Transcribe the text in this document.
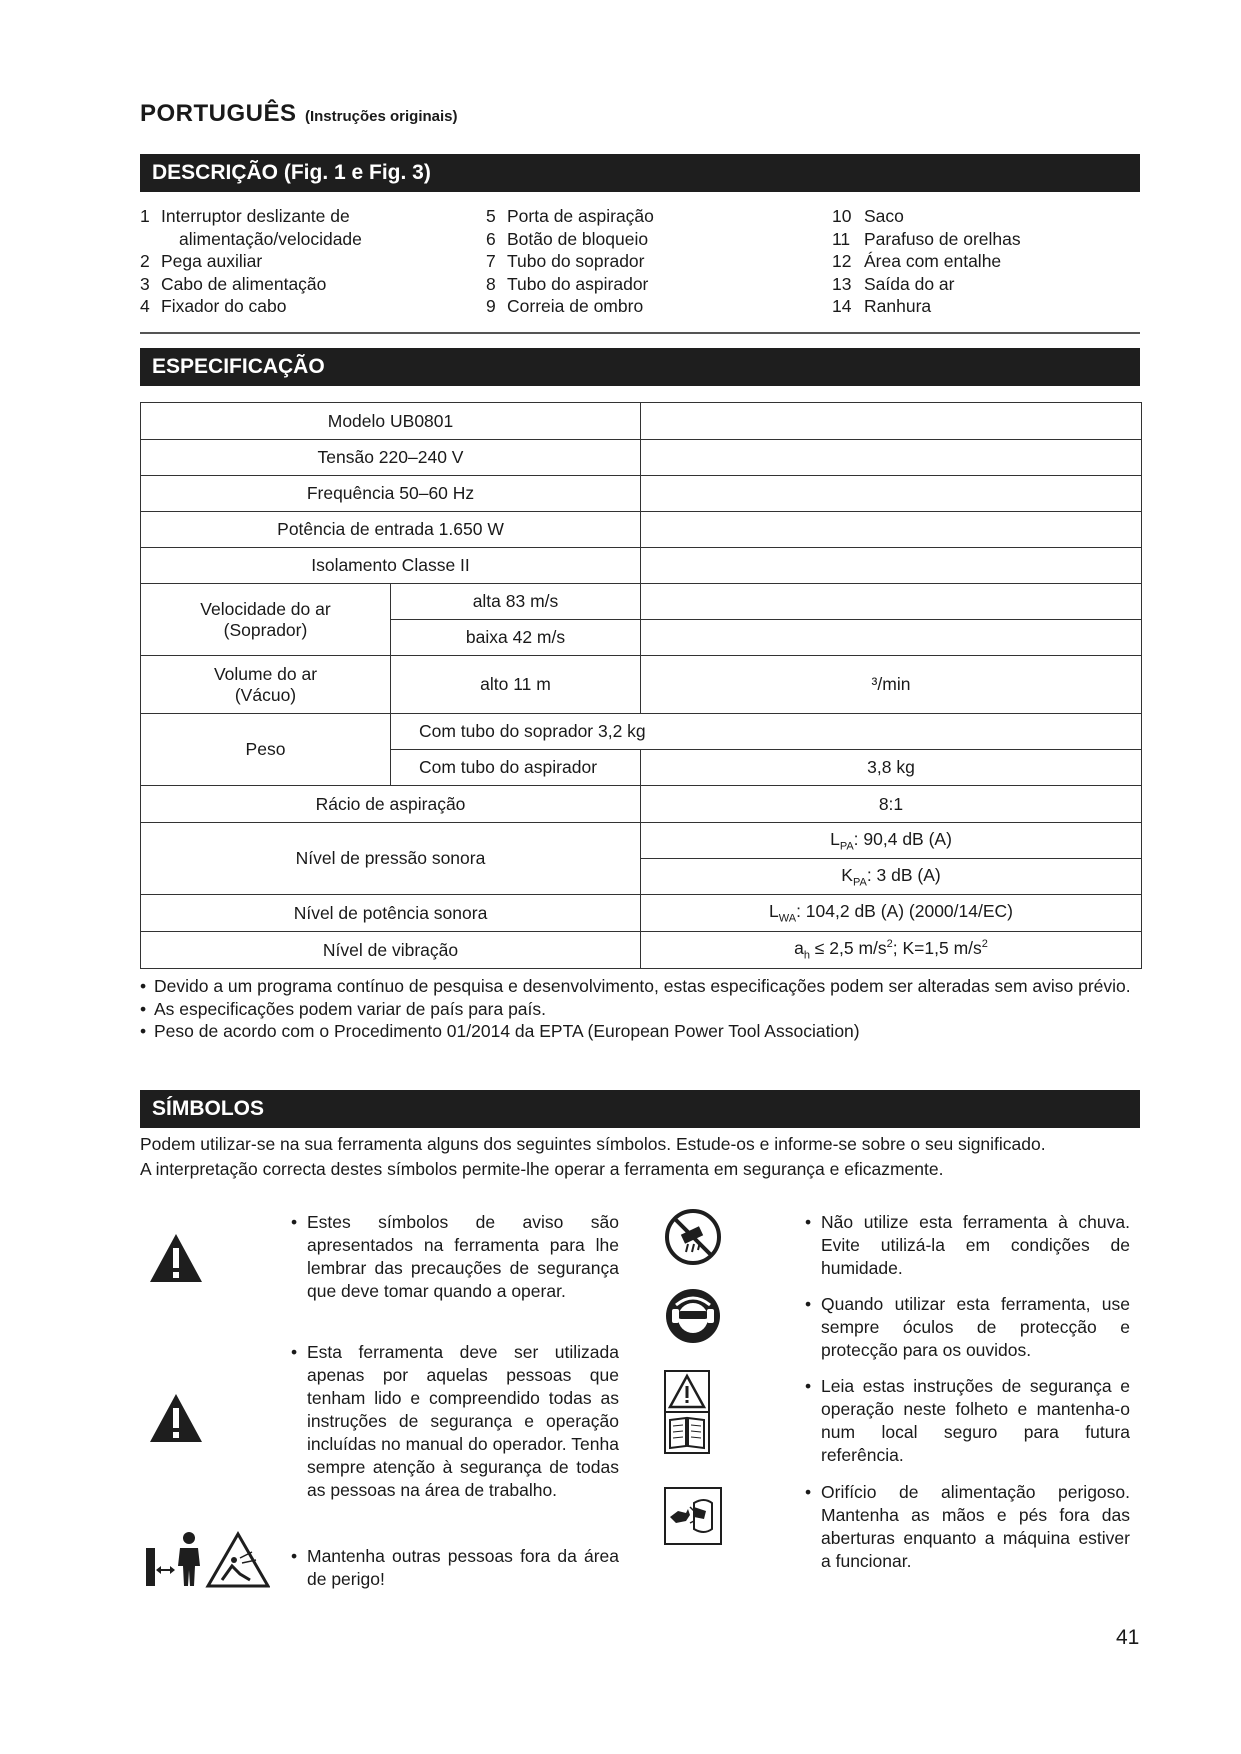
PORTUGUÊS (Instruções originais)
DESCRIÇÃO (Fig. 1 e Fig. 3)
1 Interruptor deslizante de
alimentação/velocidade
2 Pega auxiliar
3 Cabo de alimentação
4 Fixador do cabo
5 Porta de aspiração
6 Botão de bloqueio
7 Tubo do soprador
8 Tubo do aspirador
9 Correia de ombro
10 Saco
11 Parafuso de orelhas
12 Área com entalhe
13 Saída do ar
14 Ranhura
ESPECIFICAÇÃO
Modelo UB0801		
Tensão 220–240 V		
Frequência 50–60 Hz		
Potência de entrada 1.650 W		
Isolamento Classe II		

Velocidade do ar
(Soprador)	alta 83 m/s	
	baixa 42 m/s	

Volume do ar
(Vácuo)	alto 11 m	³/min
Peso	Com tubo do soprador 3,2 kg	
	Com tubo do aspirador	3,8 kg
Rácio de aspiração		8:1
Nível de pressão sonora		$L_{PA}$: 90,4 dB (A)
		$K_{PA}$: 3 dB (A)
Nível de potência sonora		$L_{WA}$: 104,2 dB (A) (2000/14/EC)
Nível de vibração		$a_h \le 2,5$ $m/s^2$; K=1,5 $m/s^2$
• Devido a um programa contínuo de pesquisa e desenvolvimento, estas especificações podem ser alteradas sem aviso prévio.
• As especificações podem variar de país para país.
• Peso de acordo com o Procedimento 01/2014 da EPTA (European Power Tool Association)
SÍMBOLOS
Podem utilizar-se na sua ferramenta alguns dos seguintes símbolos. Estude-os e informe-se sobre o seu significado.
A interpretação correcta destes símbolos permite-lhe operar a ferramenta em segurança e eficazmente.
• Estes símbolos de aviso são apresentados na ferramenta para lhe lembrar das precauções de segurança que deve tomar quando a operar.
• Esta ferramenta deve ser utilizada apenas por aquelas pessoas que tenham lido e compreendido todas as instruções de segurança e operação incluídas no manual do operador. Tenha sempre atenção à segurança de todas as pessoas na área de trabalho.
• Mantenha outras pessoas fora da área de perigo!
• Não utilize esta ferramenta à chuva. Evite utilizá-la em condições de humidade.
• Quando utilizar esta ferramenta, use sempre óculos de protecção e protecção para os ouvidos.
• Leia estas instruções de segurança e operação neste folheto e mantenha-o num local seguro para futura referência.
• Orifício de alimentação perigoso. Mantenha as mãos e pés fora das aberturas enquanto a máquina estiver a funcionar.
41
